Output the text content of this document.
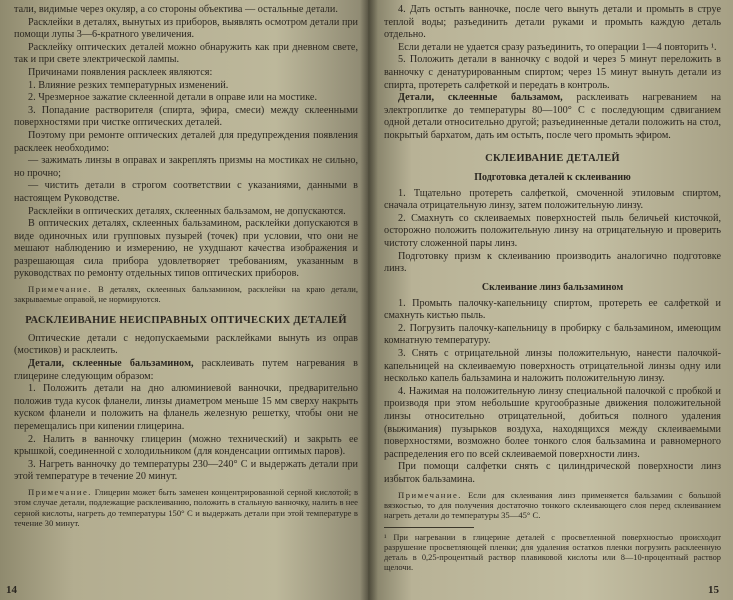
тали, видимые через окуляр, а со стороны объектива — остальные детали.

Расклейки в деталях, вынутых из приборов, выявлять осмотром детали при помощи лупы 3—6-кратного увеличения.

Расклейку оптических деталей можно обнаружить как при дневном свете, так и при свете электрической лампы.

Причинами появления расклеек являются:

1. Влияние резких температурных изменений.

2. Чрезмерное зажатие склеенной детали в оправе или на мостике.

3. Попадание растворителя (спирта, эфира, смеси) между склеенными поверхностями при чистке оптических деталей.

Поэтому при ремонте оптических деталей для предупреждения появления расклеек необходимо:

— зажимать линзы в оправах и закреплять призмы на мостиках не сильно, но прочно;

— чистить детали в строгом соответствии с указаниями, данными в настоящем Руководстве.

Расклейки в оптических деталях, склеенных бальзамом, не допускаются.

В оптических деталях, склеенных бальзамином, расклейки допускаются в виде одиночных или групповых пузырей (точек) при условии, что они не мешают наблюдению и измерению, не ухудшают качества изображения и разрешающая сила прибора удовлетворяет требованиям, указанным в руководствах по ремонту отдельных типов оптических приборов.

Примечание. В деталях, склеенных бальзамином, расклейки на краю детали, закрываемые оправой, не нормируются.
РАСКЛЕИВАНИЕ НЕИСПРАВНЫХ ОПТИЧЕСКИХ ДЕТАЛЕЙ

Оптические детали с недопускаемыми расклейками вынуть из оправ (мостиков) и расклеить.

Детали, склеенные бальзамином, расклеивать путем нагревания в глицерине следующим образом:

1. Положить детали на дно алюминиевой ванночки, предварительно положив туда кусок фланели, линзы диаметром меньше 15 мм сверху накрыть куском фланели и положить на фланель железную решетку, чтобы они не перемещались при кипении глицерина.

2. Налить в ванночку глицерин (можно технический) и закрыть ее крышкой, соединенной с холодильником (для конденсации оптимых паров).

3. Нагреть ванночку до температуры 230—240° С и выдержать детали при этой температуре в течение 20 минут.

Примечание. Глицерин может быть заменен концентрированной серной кислотой; в этом случае детали, подлежащие расклеиванию, положить в стальную ванночку, налить в нее серной кислоты, нагреть до температуры 150° С и выдержать детали при этой температуре в течение 30 минут.
14

4. Дать остыть ванночке, после чего вынуть детали и промыть в струе теплой воды; разъединить детали руками и промыть каждую деталь отдельно.

Если детали не удается сразу разъединить, то операции 1—4 повторить ¹.

5. Положить детали в ванночку с водой и через 5 минут переложить в ванночку с денатурированным спиртом; через 15 минут вынуть детали из спирта, протереть салфеткой и передать в контроль.

Детали, склеенные бальзамом, расклеивать нагреванием на электроплитке до температуры 80—100° С с последующим сдвиганием одной детали относительно другой; разъединенные детали положить на стол, покрытый бархатом, дать им остыть, после чего промыть эфиром.

СКЛЕИВАНИЕ ДЕТАЛЕЙ
Подготовка деталей к склеиванию

1. Тщательно протереть салфеткой, смоченной этиловым спиртом, сначала отрицательную линзу, затем положительную линзу.

2. Смахнуть со склеиваемых поверхностей пыль беличьей кисточкой, осторожно положить положительную линзу на отрицательную и проверить чистоту сложенной пары линз.

Подготовку призм к склеиванию производить аналогично подготовке линз.

Склеивание линз бальзамином

1. Промыть палочку-капельницу спиртом, протереть ее салфеткой и смахнуть кистью пыль.

2. Погрузить палочку-капельницу в пробирку с бальзамином, имеющим комнатную температуру.

3. Снять с отрицательной линзы положительную, нанести палочкой-капельницей на склеиваемую поверхность отрицательной линзы одну или несколько капель бальзамина и наложить положительную линзу.

4. Нажимая на положительную линзу специальной палочкой с пробкой и производя при этом небольшие кругообразные движения положительной линзы относительно отрицательной, добиться полного удаления (выжимания) пузырьков воздуха, находящихся между склеиваемыми поверхностями, возможно более тонкого слоя бальзамина и равномерного распределения его по всей склеиваемой поверхности линз.

При помощи салфетки снять с цилиндрической поверхности линз избыток бальзамина.

Примечание. Если для склеивания линз применяется бальзамин с большой вязкостью, то для получения достаточно тонкого склеивающего слоя перед склеиванием нагреть детали до температуры 35—45° С.
¹ При нагревании в глицерине деталей с просветленной поверхностью происходит разрушение просветляющей пленки; для удаления остатков пленки погрузить расклеенную деталь в 0,25-процентный раствор плавиковой кислоты или 8—10-процентный раствор щелочи.
15
